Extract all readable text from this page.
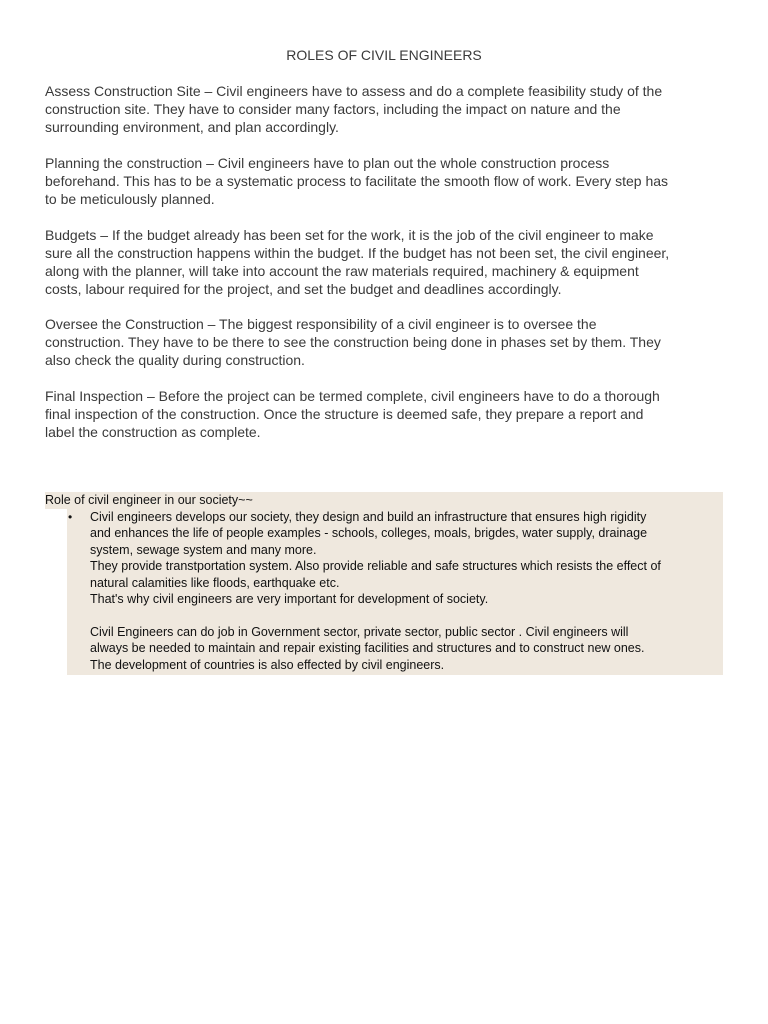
ROLES OF CIVIL ENGINEERS

Assess Construction Site – Civil engineers have to assess and do a complete feasibility study of the
construction site. They have to consider many factors, including the impact on nature and the
surrounding environment, and plan accordingly.

Planning the construction – Civil engineers have to plan out the whole construction process
beforehand. This has to be a systematic process to facilitate the smooth flow of work. Every step has
to be meticulously planned.

Budgets – If the budget already has been set for the work, it is the job of the civil engineer to make
sure all the construction happens within the budget. If the budget has not been set, the civil engineer,
along with the planner, will take into account the raw materials required, machinery & equipment
costs, labour required for the project, and set the budget and deadlines accordingly.

Oversee the Construction – The biggest responsibility of a civil engineer is to oversee the
construction. They have to be there to see the construction being done in phases set by them. They
also check the quality during construction.

Final Inspection – Before the project can be termed complete, civil engineers have to do a thorough
final inspection of the construction. Once the structure is deemed safe, they prepare a report and
label the construction as complete.

Role of civil engineer in our society~~
• Civil engineers develops our society, they design and build an infrastructure that ensures high rigidity
and enhances the life of people examples - schools, colleges, moals, brigdes, water supply, drainage
system, sewage system and many more.
They provide transtportation system. Also provide reliable and safe structures which resists the effect of
natural calamities like floods, earthquake etc.
That's why civil engineers are very important for development of society.
Civil Engineers can do job in Government sector, private sector, public sector . Civil engineers will
always be needed to maintain and repair existing facilities and structures and to construct new ones.
The development of countries is also effected by civil engineers.
